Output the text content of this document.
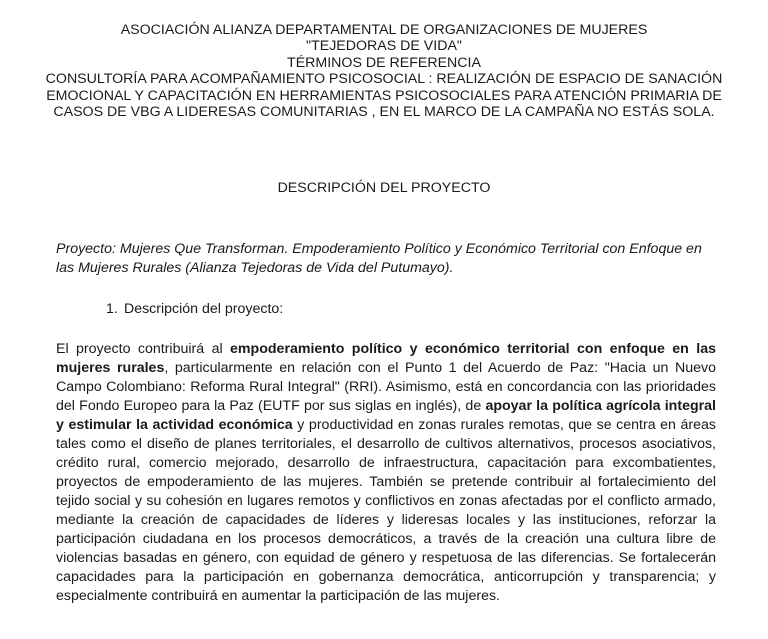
ASOCIACIÓN ALIANZA DEPARTAMENTAL DE ORGANIZACIONES DE MUJERES
"TEJEDORAS DE VIDA"
TÉRMINOS DE REFERENCIA
CONSULTORÍA PARA ACOMPAÑAMIENTO PSICOSOCIAL : REALIZACIÓN DE ESPACIO DE SANACIÓN
EMOCIONAL Y CAPACITACIÓN EN HERRAMIENTAS PSICOSOCIALES PARA ATENCIÓN PRIMARIA DE
CASOS DE VBG A LIDERESAS COMUNITARIAS , EN EL MARCO DE LA CAMPAÑA NO ESTÁS SOLA.
DESCRIPCIÓN DEL PROYECTO
Proyecto: Mujeres Que Transforman. Empoderamiento Político y Económico Territorial con Enfoque en las Mujeres Rurales (Alianza Tejedoras de Vida del Putumayo).
1. Descripción del proyecto:
El proyecto contribuirá al empoderamiento político y económico territorial con enfoque en las mujeres rurales, particularmente en relación con el Punto 1 del Acuerdo de Paz: "Hacia un Nuevo Campo Colombiano: Reforma Rural Integral" (RRI). Asimismo, está en concordancia con las prioridades del Fondo Europeo para la Paz (EUTF por sus siglas en inglés), de apoyar la política agrícola integral y estimular la actividad económica y productividad en zonas rurales remotas, que se centra en áreas tales como el diseño de planes territoriales, el desarrollo de cultivos alternativos, procesos asociativos, crédito rural, comercio mejorado, desarrollo de infraestructura, capacitación para excombatientes, proyectos de empoderamiento de las mujeres. También se pretende contribuir al fortalecimiento del tejido social y su cohesión en lugares remotos y conflictivos en zonas afectadas por el conflicto armado, mediante la creación de capacidades de líderes y lideresas locales y las instituciones, reforzar la participación ciudadana en los procesos democráticos, a través de la creación una cultura libre de violencias basadas en género, con equidad de género y respetuosa de las diferencias. Se fortalecerán capacidades para la participación en gobernanza democrática, anticorrupción y transparencia; y especialmente contribuirá en aumentar la participación de las mujeres.
